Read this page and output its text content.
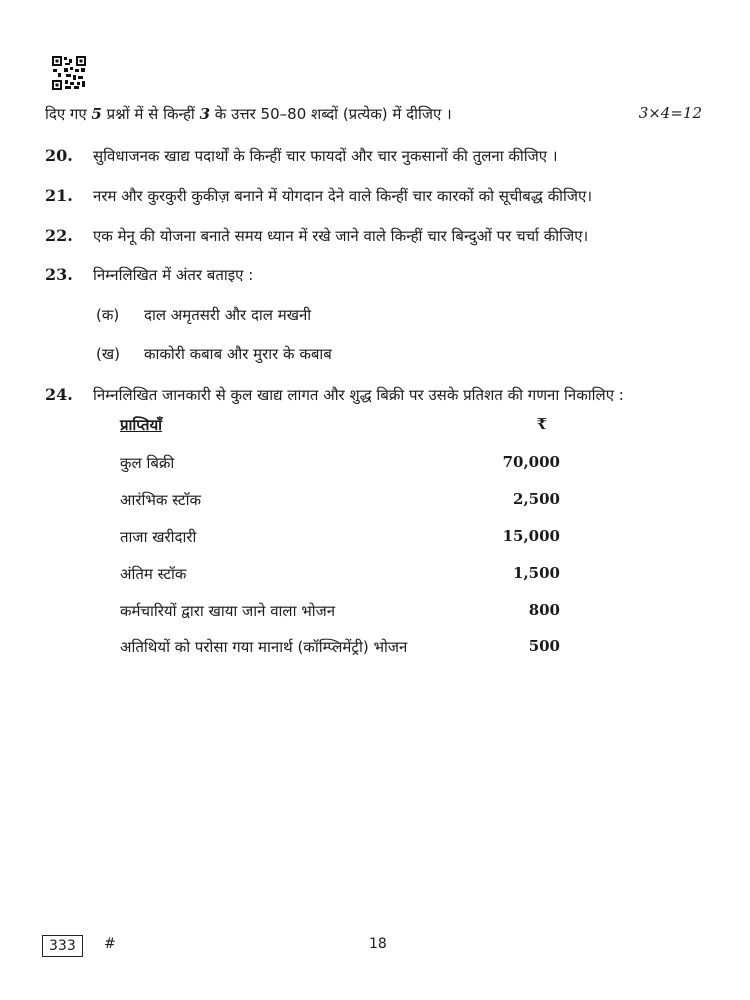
दिए गए 5 प्रश्नों में से किन्हीं 3 के उत्तर 50–80 शब्दों (प्रत्येक) में दीजिए ।	3×4=12
20.	सुविधाजनक खाद्य पदार्थों के किन्हीं चार फायदों और चार नुकसानों की तुलना कीजिए ।
21.	नरम और कुरकुरी कुकीज़ बनाने में योगदान देने वाले किन्हीं चार कारकों को सूचीबद्ध कीजिए।
22.	एक मेनू की योजना बनाते समय ध्यान में रखे जाने वाले किन्हीं चार बिन्दुओं पर चर्चा कीजिए।
23.	निम्नलिखित में अंतर बताइए :
(क)	दाल अमृतसरी और दाल मखनी
(ख)	काकोरी कबाब और मुरार के कबाब
24.	निम्नलिखित जानकारी से कुल खाद्य लागत और शुद्ध बिक्री पर उसके प्रतिशत की गणना निकालिए :
प्राप्तियाँ	₹
कुल बिक्री	70,000
आरंभिक स्टॉक	2,500
ताजा खरीदारी	15,000
अंतिम स्टॉक	1,500
कर्मचारियों द्वारा खाया जाने वाला भोजन	800
अतिथियों को परोसा गया मानार्थ (कॉम्प्लिमेंट्री) भोजन	500
333	#	18
